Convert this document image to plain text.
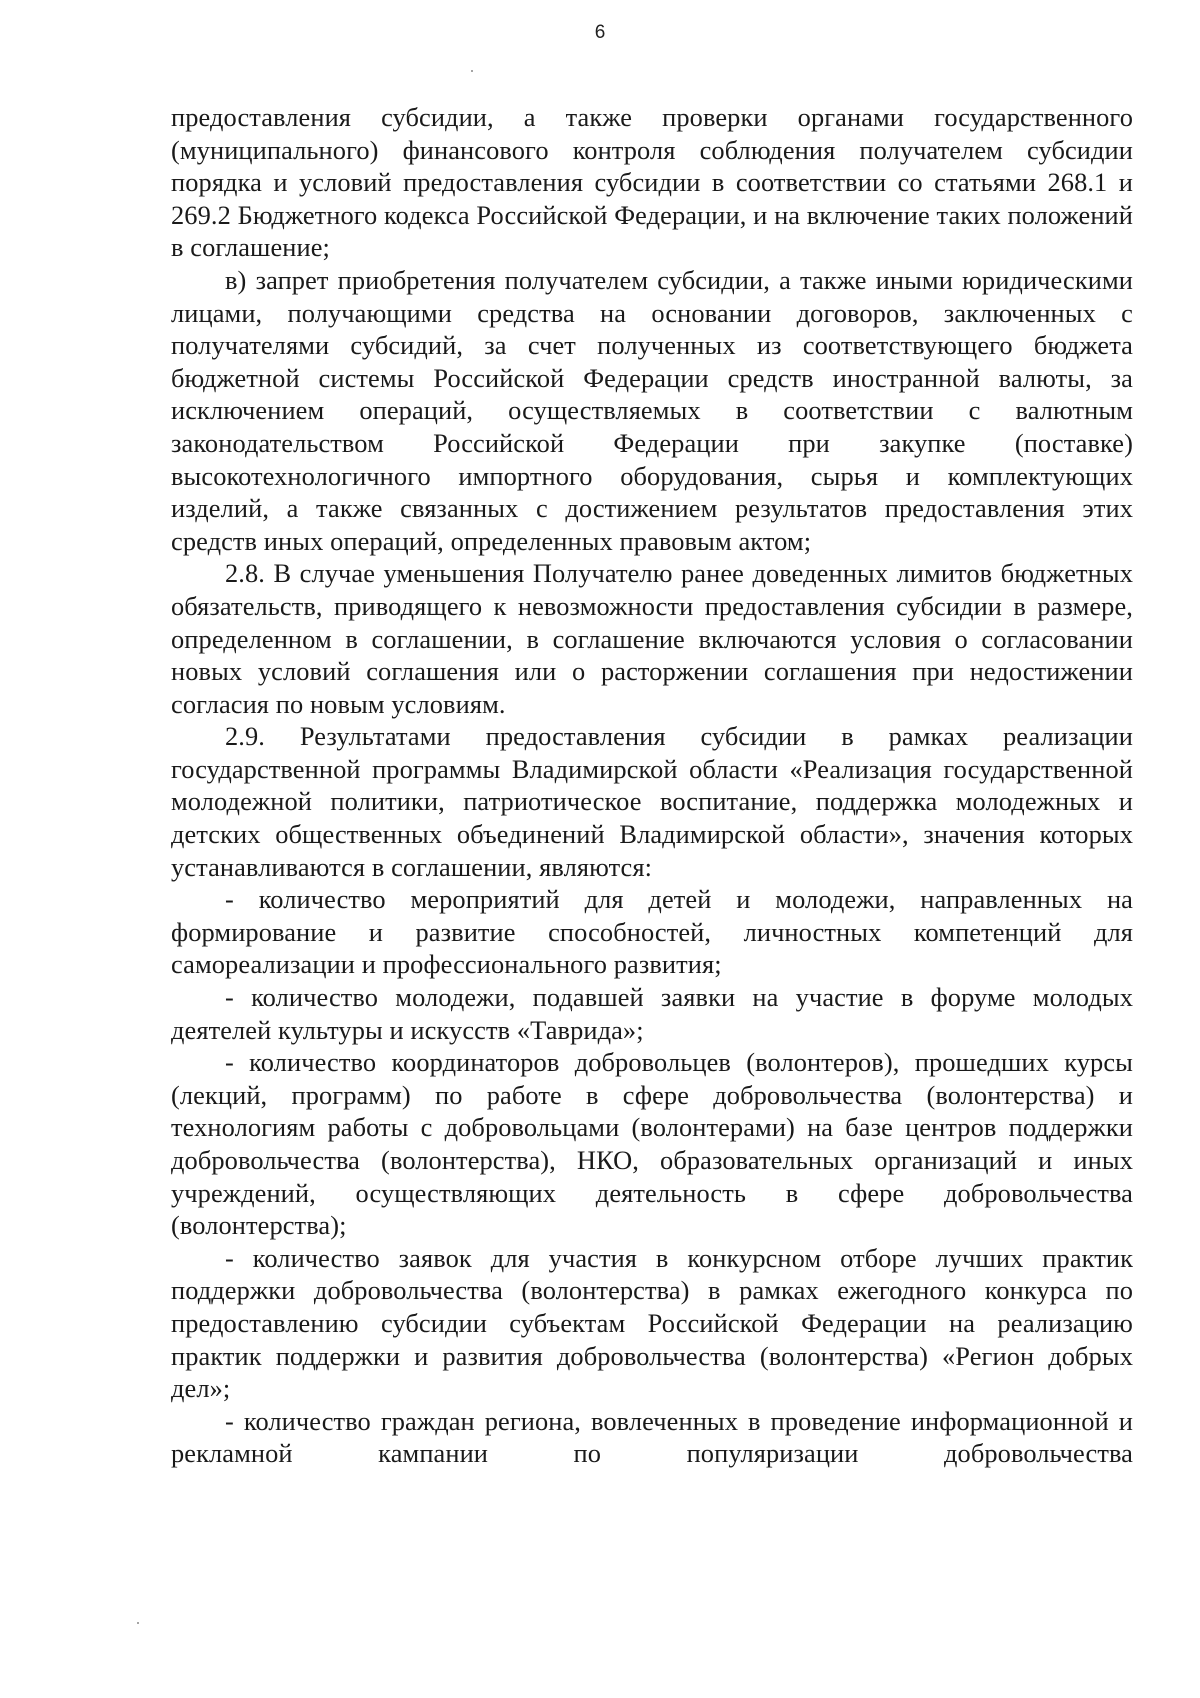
6

предоставления субсидии, а также проверки органами государственного (муниципального) финансового контроля соблюдения получателем субсидии порядка и условий предоставления субсидии в соответствии со статьями 268.1 и 269.2 Бюджетного кодекса Российской Федерации, и на включение таких положений в соглашение;

в) запрет приобретения получателем субсидии, а также иными юридическими лицами, получающими средства на основании договоров, заключенных с получателями субсидий, за счет полученных из соответствующего бюджета бюджетной системы Российской Федерации средств иностранной валюты, за исключением операций, осуществляемых в соответствии с валютным законодательством Российской Федерации при закупке (поставке) высокотехнологичного импортного оборудования, сырья и комплектующих изделий, а также связанных с достижением результатов предоставления этих средств иных операций, определенных правовым актом;

2.8. В случае уменьшения Получателю ранее доведенных лимитов бюджетных обязательств, приводящего к невозможности предоставления субсидии в размере, определенном в соглашении, в соглашение включаются условия о согласовании новых условий соглашения или о расторжении соглашения при недостижении согласия по новым условиям.

2.9. Результатами предоставления субсидии в рамках реализации государственной программы Владимирской области «Реализация государственной молодежной политики, патриотическое воспитание, поддержка молодежных и детских общественных объединений Владимирской области», значения которых устанавливаются в соглашении, являются:

- количество мероприятий для детей и молодежи, направленных на формирование и развитие способностей, личностных компетенций для самореализации и профессионального развития;

- количество молодежи, подавшей заявки на участие в форуме молодых деятелей культуры и искусств «Таврида»;

- количество координаторов добровольцев (волонтеров), прошедших курсы (лекций, программ) по работе в сфере добровольчества (волонтерства) и технологиям работы с добровольцами (волонтерами) на базе центров поддержки добровольчества (волонтерства), НКО, образовательных организаций и иных учреждений, осуществляющих деятельность в сфере добровольчества (волонтерства);

- количество заявок для участия в конкурсном отборе лучших практик поддержки добровольчества (волонтерства) в рамках ежегодного конкурса по предоставлению субсидии субъектам Российской Федерации на реализацию практик поддержки и развития добровольчества (волонтерства) «Регион добрых дел»;

- количество граждан региона, вовлеченных в проведение информационной и рекламной кампании по популяризации добровольчества
